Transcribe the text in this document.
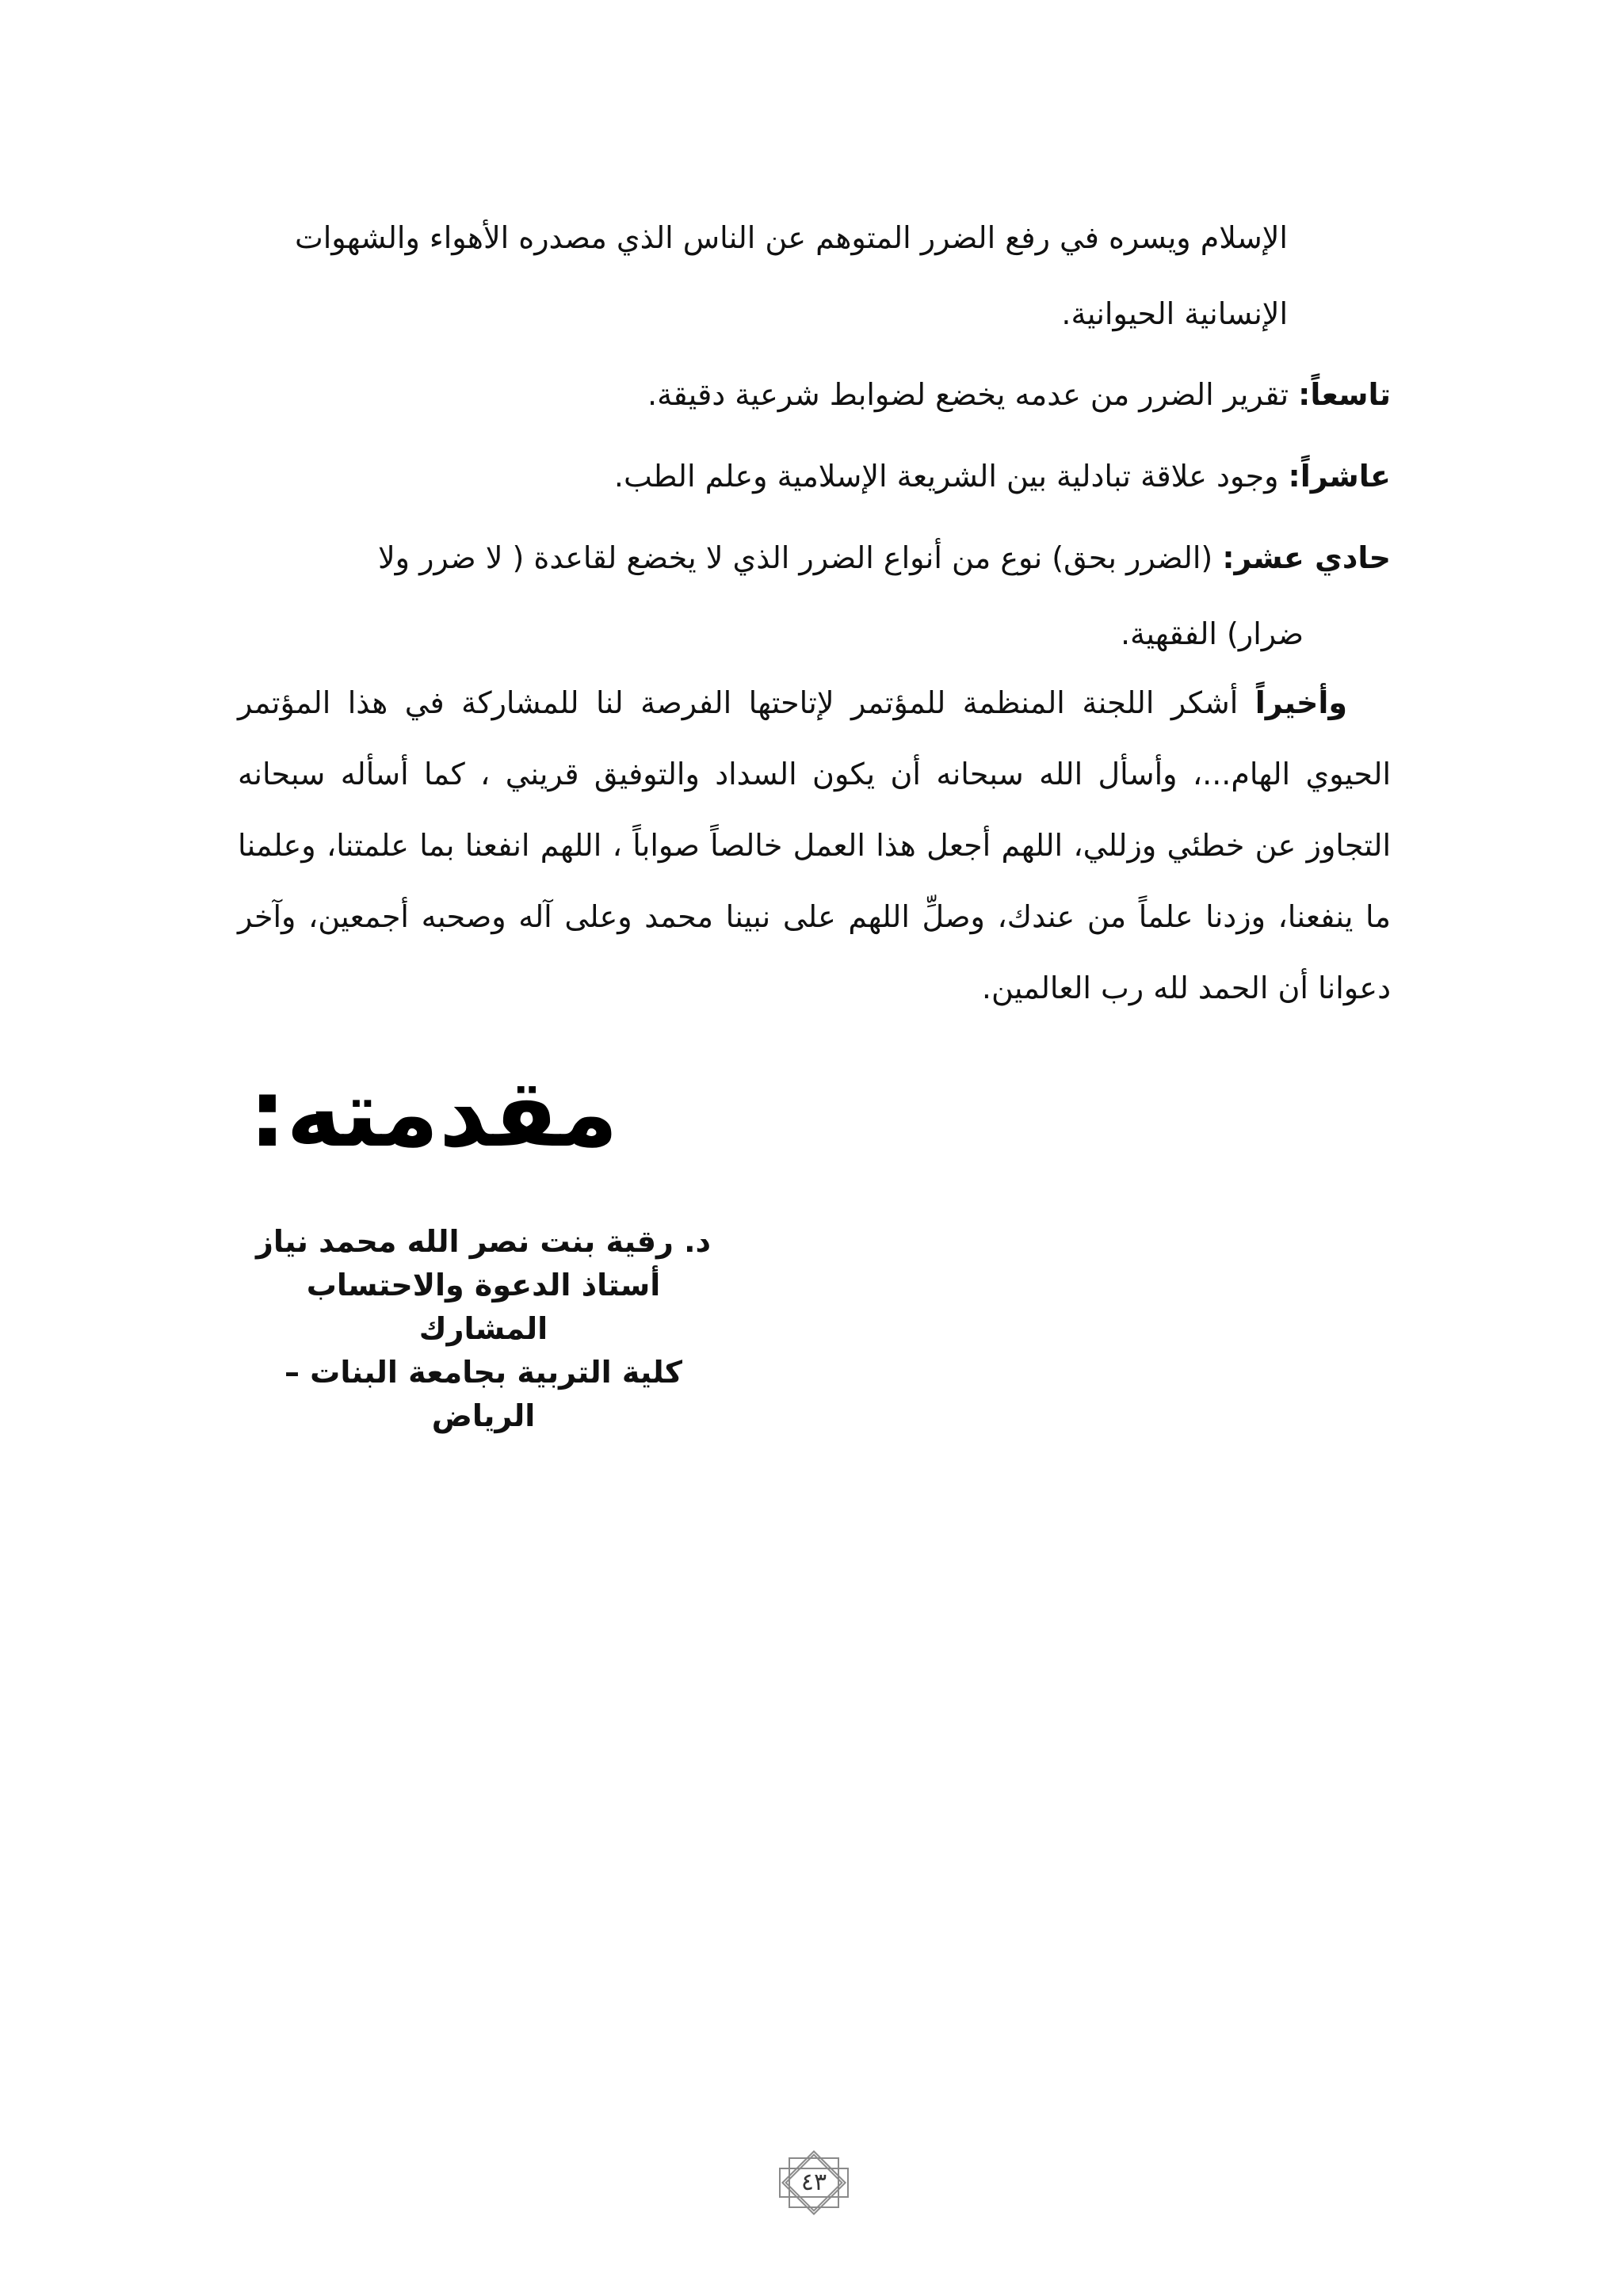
الإسلام ويسره في رفع الضرر المتوهم عن الناس الذي مصدره الأهواء والشهوات

الإنسانية الحيوانية.

تاسعاً: تقرير الضرر من عدمه يخضع لضوابط شرعية دقيقة.
عاشراً: وجود علاقة تبادلية بين الشريعة الإسلامية وعلم الطب.
حادي عشر: (الضرر بحق) نوع من أنواع الضرر الذي لا يخضع لقاعدة ( لا ضرر ولا
ضرار) الفقهية.
وأخيراً أشكر اللجنة المنظمة للمؤتمر لإتاحتها الفرصة لنا للمشاركة في هذا المؤتمر الحيوي الهام...، وأسأل الله سبحانه أن يكون السداد والتوفيق قريني ، كما أسأله سبحانه التجاوز عن خطئي وزللي، اللهم أجعل هذا العمل خالصاً صواباً ، اللهم انفعنا بما علمتنا، وعلمنا ما ينفعنا، وزدنا علماً من عندك، وصلِّ اللهم على نبينا محمد وعلى آله وصحبه أجمعين، وآخر دعوانا أن الحمد لله رب العالمين.
مقدمته:
د. رقية بنت نصر الله محمد نياز
أستاذ الدعوة والاحتساب المشارك
كلية التربية بجامعة البنات – الرياض
٤٣
